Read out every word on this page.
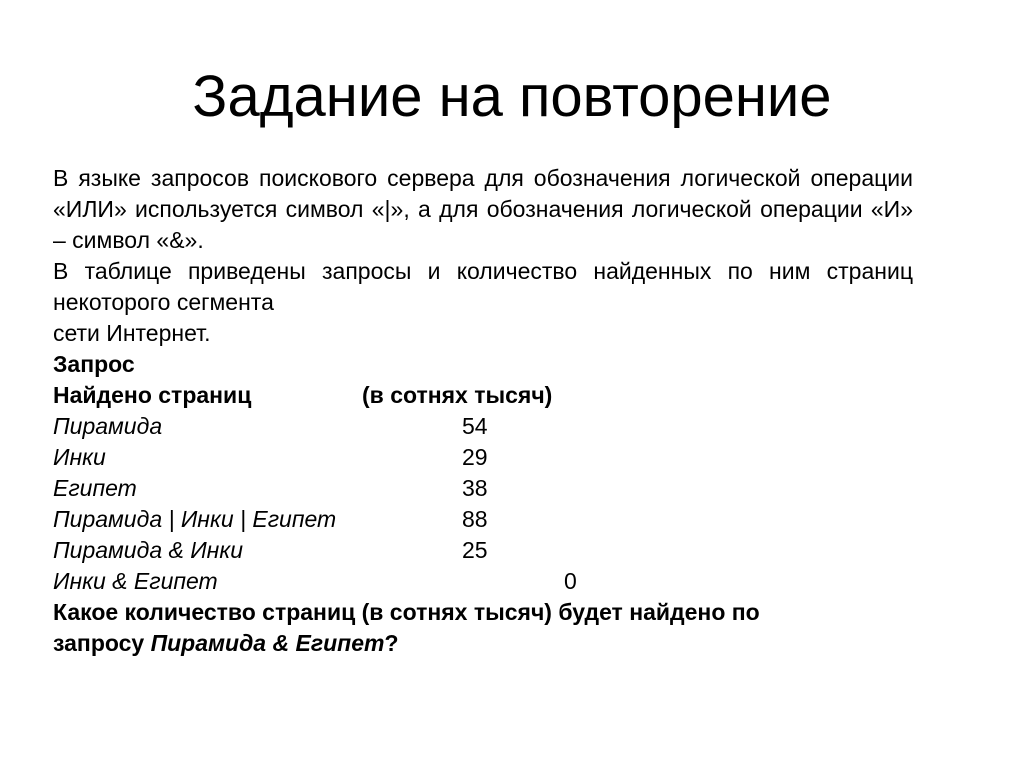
Задание на повторение
В языке запросов поискового сервера для обозначения логической операции «ИЛИ» используется символ «|», а для обозначения логической операции «И» – символ «&».
В таблице приведены запросы и количество найденных по ним страниц некоторого сегмента
сети Интернет.
Запрос
Найдено страниц	(в сотнях тысяч)
Пирамида	54
Инки	29
Египет	38
Пирамида | Инки | Египет	88
Пирамида & Инки	25
Инки & Египет	0
Какое количество страниц (в сотнях тысяч) будет найдено по
запросу Пирамида & Египет?
